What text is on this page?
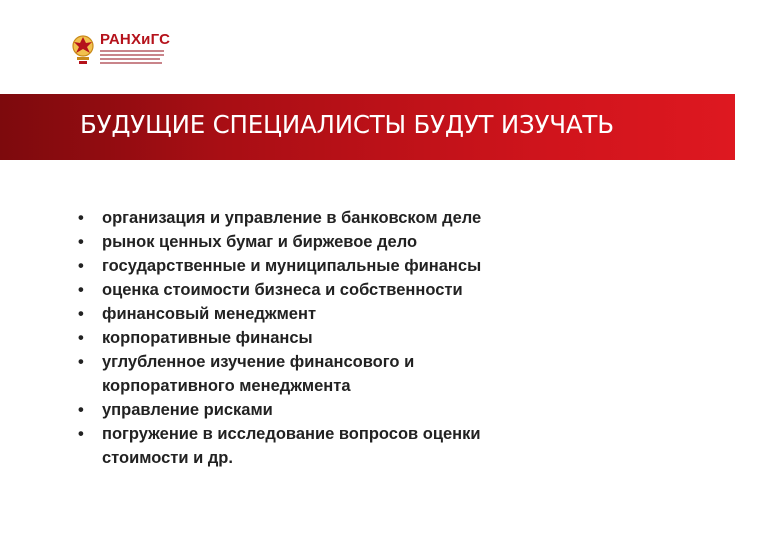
РАНХиГС
БУДУЩИЕ СПЕЦИАЛИСТЫ БУДУТ ИЗУЧАТЬ
• организация и управление в банковском деле
• рынок ценных бумаг и биржевое дело
• государственные и муниципальные финансы
• оценка стоимости бизнеса и собственности
• финансовый менеджмент
• корпоративные финансы
• углубленное изучение финансового и
корпоративного менеджмента
• управление рисками
• погружение в исследование вопросов оценки
стоимости и др.
